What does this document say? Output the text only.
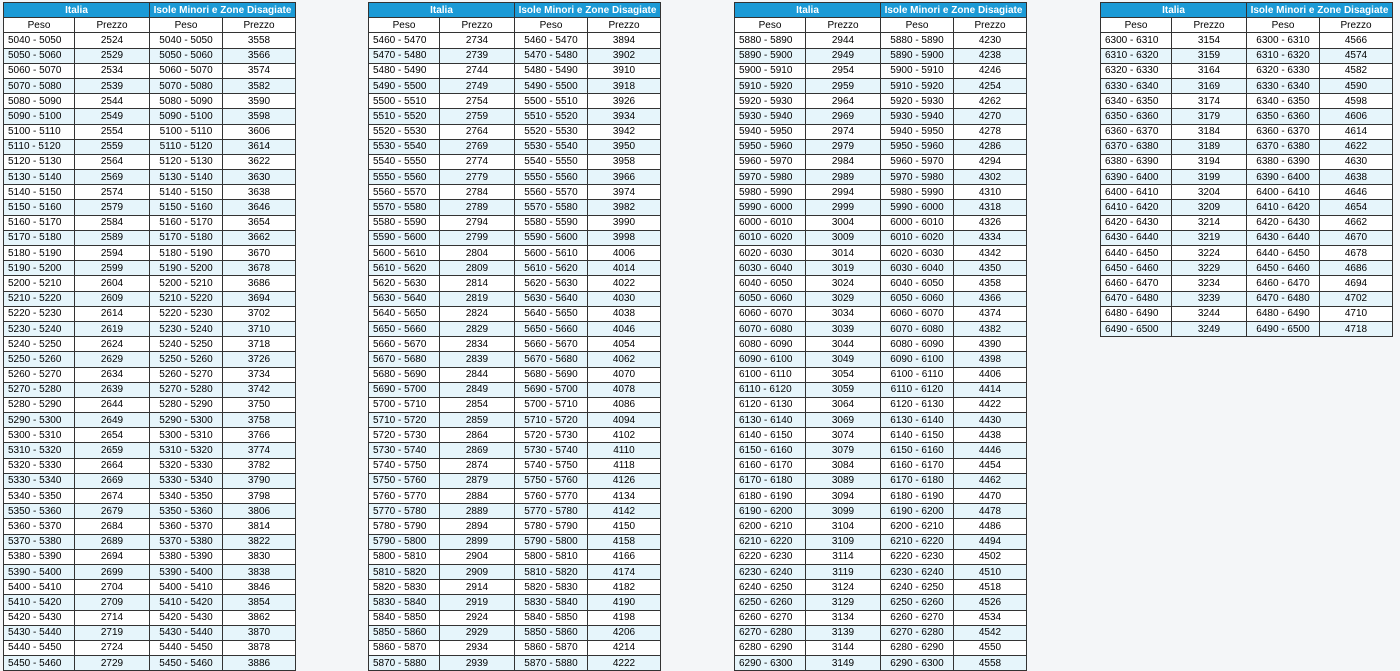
Italia		Isole Minori e Zone Disagiate	
Peso	Prezzo	Peso	Prezzo
5040 - 5050	2524	5040 - 5050	3558
5050 - 5060	2529	5050 - 5060	3566
5060 - 5070	2534	5060 - 5070	3574
5070 - 5080	2539	5070 - 5080	3582
5080 - 5090	2544	5080 - 5090	3590
5090 - 5100	2549	5090 - 5100	3598
5100 - 5110	2554	5100 - 5110	3606
5110 - 5120	2559	5110 - 5120	3614
5120 - 5130	2564	5120 - 5130	3622
5130 - 5140	2569	5130 - 5140	3630
5140 - 5150	2574	5140 - 5150	3638
5150 - 5160	2579	5150 - 5160	3646
5160 - 5170	2584	5160 - 5170	3654
5170 - 5180	2589	5170 - 5180	3662
5180 - 5190	2594	5180 - 5190	3670
5190 - 5200	2599	5190 - 5200	3678
5200 - 5210	2604	5200 - 5210	3686
5210 - 5220	2609	5210 - 5220	3694
5220 - 5230	2614	5220 - 5230	3702
5230 - 5240	2619	5230 - 5240	3710
5240 - 5250	2624	5240 - 5250	3718
5250 - 5260	2629	5250 - 5260	3726
5260 - 5270	2634	5260 - 5270	3734
5270 - 5280	2639	5270 - 5280	3742
5280 - 5290	2644	5280 - 5290	3750
5290 - 5300	2649	5290 - 5300	3758
5300 - 5310	2654	5300 - 5310	3766
5310 - 5320	2659	5310 - 5320	3774
5320 - 5330	2664	5320 - 5330	3782
5330 - 5340	2669	5330 - 5340	3790
5340 - 5350	2674	5340 - 5350	3798
5350 - 5360	2679	5350 - 5360	3806
5360 - 5370	2684	5360 - 5370	3814
5370 - 5380	2689	5370 - 5380	3822
5380 - 5390	2694	5380 - 5390	3830
5390 - 5400	2699	5390 - 5400	3838
5400 - 5410	2704	5400 - 5410	3846
5410 - 5420	2709	5410 - 5420	3854
5420 - 5430	2714	5420 - 5430	3862
5430 - 5440	2719	5430 - 5440	3870
5440 - 5450	2724	5440 - 5450	3878
5450 - 5460	2729	5450 - 5460	3886
Italia		Isole Minori e Zone Disagiate	
Peso	Prezzo	Peso	Prezzo
5460 - 5470	2734	5460 - 5470	3894
5470 - 5480	2739	5470 - 5480	3902
5480 - 5490	2744	5480 - 5490	3910
5490 - 5500	2749	5490 - 5500	3918
5500 - 5510	2754	5500 - 5510	3926
5510 - 5520	2759	5510 - 5520	3934
5520 - 5530	2764	5520 - 5530	3942
5530 - 5540	2769	5530 - 5540	3950
5540 - 5550	2774	5540 - 5550	3958
5550 - 5560	2779	5550 - 5560	3966
5560 - 5570	2784	5560 - 5570	3974
5570 - 5580	2789	5570 - 5580	3982
5580 - 5590	2794	5580 - 5590	3990
5590 - 5600	2799	5590 - 5600	3998
5600 - 5610	2804	5600 - 5610	4006
5610 - 5620	2809	5610 - 5620	4014
5620 - 5630	2814	5620 - 5630	4022
5630 - 5640	2819	5630 - 5640	4030
5640 - 5650	2824	5640 - 5650	4038
5650 - 5660	2829	5650 - 5660	4046
5660 - 5670	2834	5660 - 5670	4054
5670 - 5680	2839	5670 - 5680	4062
5680 - 5690	2844	5680 - 5690	4070
5690 - 5700	2849	5690 - 5700	4078
5700 - 5710	2854	5700 - 5710	4086
5710 - 5720	2859	5710 - 5720	4094
5720 - 5730	2864	5720 - 5730	4102
5730 - 5740	2869	5730 - 5740	4110
5740 - 5750	2874	5740 - 5750	4118
5750 - 5760	2879	5750 - 5760	4126
5760 - 5770	2884	5760 - 5770	4134
5770 - 5780	2889	5770 - 5780	4142
5780 - 5790	2894	5780 - 5790	4150
5790 - 5800	2899	5790 - 5800	4158
5800 - 5810	2904	5800 - 5810	4166
5810 - 5820	2909	5810 - 5820	4174
5820 - 5830	2914	5820 - 5830	4182
5830 - 5840	2919	5830 - 5840	4190
5840 - 5850	2924	5840 - 5850	4198
5850 - 5860	2929	5850 - 5860	4206
5860 - 5870	2934	5860 - 5870	4214
5870 - 5880	2939	5870 - 5880	4222
Italia		Isole Minori e Zone Disagiate	
Peso	Prezzo	Peso	Prezzo
5880 - 5890	2944	5880 - 5890	4230
5890 - 5900	2949	5890 - 5900	4238
5900 - 5910	2954	5900 - 5910	4246
5910 - 5920	2959	5910 - 5920	4254
5920 - 5930	2964	5920 - 5930	4262
5930 - 5940	2969	5930 - 5940	4270
5940 - 5950	2974	5940 - 5950	4278
5950 - 5960	2979	5950 - 5960	4286
5960 - 5970	2984	5960 - 5970	4294
5970 - 5980	2989	5970 - 5980	4302
5980 - 5990	2994	5980 - 5990	4310
5990 - 6000	2999	5990 - 6000	4318
6000 - 6010	3004	6000 - 6010	4326
6010 - 6020	3009	6010 - 6020	4334
6020 - 6030	3014	6020 - 6030	4342
6030 - 6040	3019	6030 - 6040	4350
6040 - 6050	3024	6040 - 6050	4358
6050 - 6060	3029	6050 - 6060	4366
6060 - 6070	3034	6060 - 6070	4374
6070 - 6080	3039	6070 - 6080	4382
6080 - 6090	3044	6080 - 6090	4390
6090 - 6100	3049	6090 - 6100	4398
6100 - 6110	3054	6100 - 6110	4406
6110 - 6120	3059	6110 - 6120	4414
6120 - 6130	3064	6120 - 6130	4422
6130 - 6140	3069	6130 - 6140	4430
6140 - 6150	3074	6140 - 6150	4438
6150 - 6160	3079	6150 - 6160	4446
6160 - 6170	3084	6160 - 6170	4454
6170 - 6180	3089	6170 - 6180	4462
6180 - 6190	3094	6180 - 6190	4470
6190 - 6200	3099	6190 - 6200	4478
6200 - 6210	3104	6200 - 6210	4486
6210 - 6220	3109	6210 - 6220	4494
6220 - 6230	3114	6220 - 6230	4502
6230 - 6240	3119	6230 - 6240	4510
6240 - 6250	3124	6240 - 6250	4518
6250 - 6260	3129	6250 - 6260	4526
6260 - 6270	3134	6260 - 6270	4534
6270 - 6280	3139	6270 - 6280	4542
6280 - 6290	3144	6280 - 6290	4550
6290 - 6300	3149	6290 - 6300	4558
Italia		Isole Minori e Zone Disagiate	
Peso	Prezzo	Peso	Prezzo
6300 - 6310	3154	6300 - 6310	4566
6310 - 6320	3159	6310 - 6320	4574
6320 - 6330	3164	6320 - 6330	4582
6330 - 6340	3169	6330 - 6340	4590
6340 - 6350	3174	6340 - 6350	4598
6350 - 6360	3179	6350 - 6360	4606
6360 - 6370	3184	6360 - 6370	4614
6370 - 6380	3189	6370 - 6380	4622
6380 - 6390	3194	6380 - 6390	4630
6390 - 6400	3199	6390 - 6400	4638
6400 - 6410	3204	6400 - 6410	4646
6410 - 6420	3209	6410 - 6420	4654
6420 - 6430	3214	6420 - 6430	4662
6430 - 6440	3219	6430 - 6440	4670
6440 - 6450	3224	6440 - 6450	4678
6450 - 6460	3229	6450 - 6460	4686
6460 - 6470	3234	6460 - 6470	4694
6470 - 6480	3239	6470 - 6480	4702
6480 - 6490	3244	6480 - 6490	4710
6490 - 6500	3249	6490 - 6500	4718
